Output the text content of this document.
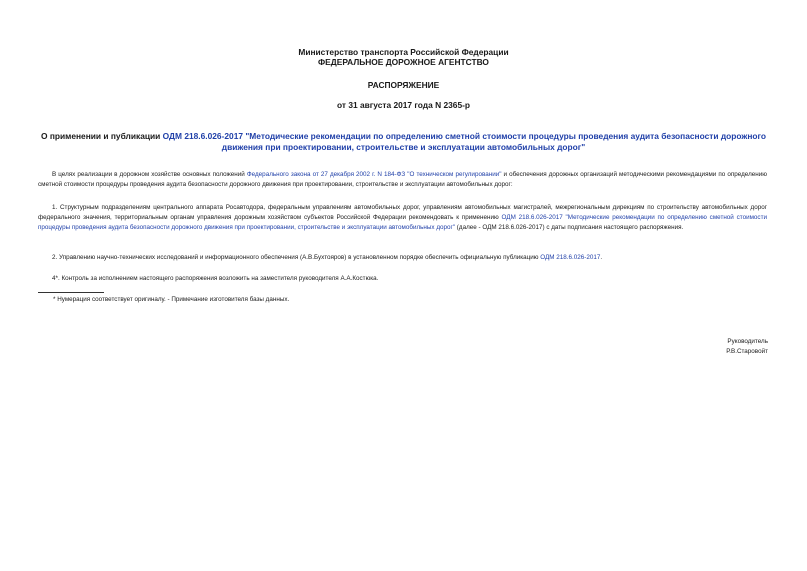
Министерство транспорта Российской Федерации
ФЕДЕРАЛЬНОЕ ДОРОЖНОЕ АГЕНТСТВО
РАСПОРЯЖЕНИЕ
от 31 августа 2017 года N 2365-р
О применении и публикации ОДМ 218.6.026-2017 "Методические рекомендации по определению сметной стоимости процедуры проведения аудита безопасности дорожного движения при проектировании, строительстве и эксплуатации автомобильных дорог"
В целях реализации в дорожном хозяйстве основных положений Федерального закона от 27 декабря 2002 г. N 184-ФЗ "О техническом регулировании" и обеспечения дорожных организаций методическими рекомендациями по определению сметной стоимости процедуры проведения аудита безопасности дорожного движения при проектировании, строительстве и эксплуатации автомобильных дорог:
1. Структурным подразделениям центрального аппарата Росавтодора, федеральным управлениям автомобильных дорог, управлениям автомобильных магистралей, межрегиональным дирекциям по строительству автомобильных дорог федерального значения, территориальным органам управления дорожным хозяйством субъектов Российской Федерации рекомендовать к применению ОДМ 218.6.026-2017 "Методические рекомендации по определению сметной стоимости процедуры проведения аудита безопасности дорожного движения при проектировании, строительстве и эксплуатации автомобильных дорог" (далее - ОДМ 218.6.026-2017) с даты подписания настоящего распоряжения.
2. Управлению научно-технических исследований и информационного обеспечения (А.В.Бухтояров) в установленном порядке обеспечить официальную публикацию ОДМ 218.6.026-2017.
4*. Контроль за исполнением настоящего распоряжения возложить на заместителя руководителя А.А.Костюка.
* Нумерация соответствует оригиналу. - Примечание изготовителя базы данных.
Руководитель
Р.В.Старовойт
